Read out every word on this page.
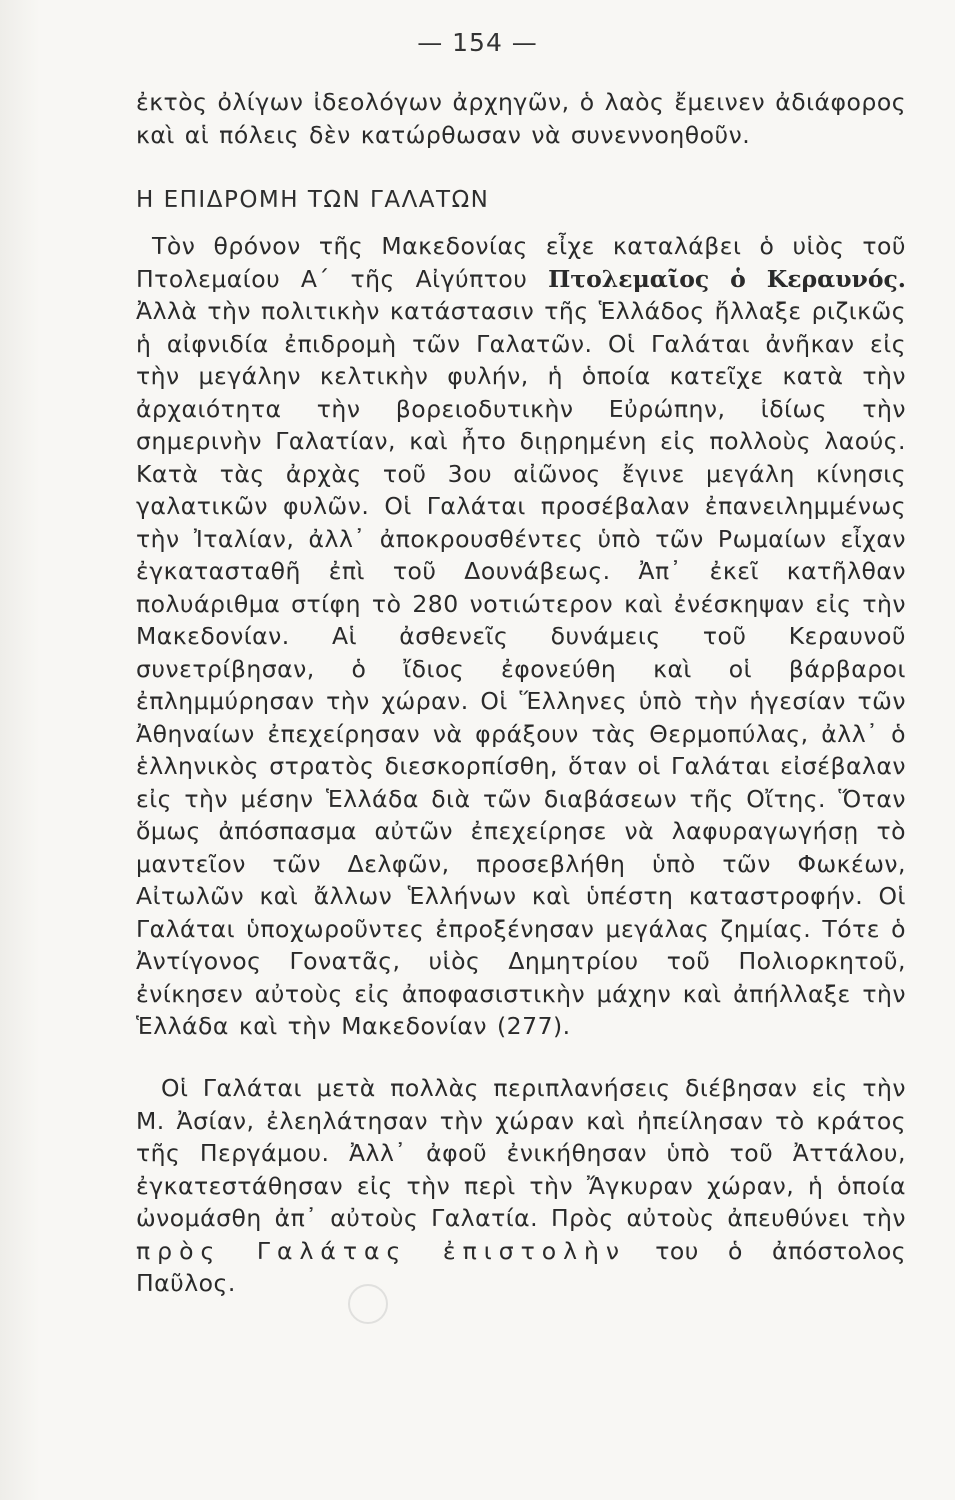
— 154 —

ἐκτὸς ὀλίγων ἰδεολόγων ἀρχηγῶν, ὁ λαὸς ἔμεινεν ἀδιάφορος καὶ αἱ πόλεις δὲν κατώρθωσαν νὰ συνεννοηθοῦν.

Η ΕΠΙΔΡΟΜΗ ΤΩΝ ΓΑΛΑΤΩΝ

Τὸν θρόνον τῆς Μακεδονίας εἶχε καταλάβει ὁ υἱὸς τοῦ Πτολεμαίου Α΄ τῆς Αἰγύπτου Πτολεμαῖος ὁ Κεραυνός. Ἀλλὰ τὴν πολιτικὴν κατάστασιν τῆς Ἑλλάδος ἤλλαξε ριζικῶς ἡ αἰφνιδία ἐπιδρομὴ τῶν Γαλατῶν. Οἱ Γαλάται ἀνῆκαν εἰς τὴν μεγάλην κελτικὴν φυλήν, ἡ ὁποία κατεῖχε κατὰ τὴν ἀρχαιότητα τὴν βορειοδυτικὴν Εὐρώπην, ἰδίως τὴν σημερινὴν Γαλατίαν, καὶ ἦτο διῃρημένη εἰς πολλοὺς λαούς. Κατὰ τὰς ἀρχὰς τοῦ 3ου αἰῶνος ἔγινε μεγάλη κίνησις γαλατικῶν φυλῶν. Οἱ Γαλάται προσέβαλαν ἐπανειλημμένως τὴν Ἰταλίαν, ἀλλ᾽ ἀποκρουσθέντες ὑπὸ τῶν Ρωμαίων εἶχαν ἐγκατασταθῆ ἐπὶ τοῦ Δουνάβεως. Ἀπ᾽ ἐκεῖ κατῆλθαν πολυάριθμα στίφη τὸ 280 νοτιώτερον καὶ ἐνέσκηψαν εἰς τὴν Μακεδονίαν. Αἱ ἀσθενεῖς δυνάμεις τοῦ Κεραυνοῦ συνετρίβησαν, ὁ ἴδιος ἐφονεύθη καὶ οἱ βάρβαροι ἐπλημμύρησαν τὴν χώραν. Οἱ Ἕλληνες ὑπὸ τὴν ἡγεσίαν τῶν Ἀθηναίων ἐπεχείρησαν νὰ φράξουν τὰς Θερμοπύλας, ἀλλ᾽ ὁ ἑλληνικὸς στρατὸς διεσκορπίσθη, ὅταν οἱ Γαλάται εἰσέβαλαν εἰς τὴν μέσην Ἑλλάδα διὰ τῶν διαβάσεων τῆς Οἴτης. Ὅταν ὅμως ἀπόσπασμα αὐτῶν ἐπεχείρησε νὰ λαφυραγωγήσῃ τὸ μαντεῖον τῶν Δελφῶν, προσεβλήθη ὑπὸ τῶν Φωκέων, Αἰτωλῶν καὶ ἄλλων Ἑλλήνων καὶ ὑπέστη καταστροφήν. Οἱ Γαλάται ὑποχωροῦντες ἐπροξένησαν μεγάλας ζημίας. Τότε ὁ Ἀντίγονος Γονατᾶς, υἱὸς Δημητρίου τοῦ Πολιορκητοῦ, ἐνίκησεν αὐτοὺς εἰς ἀποφασιστικὴν μάχην καὶ ἀπήλλαξε τὴν Ἑλλάδα καὶ τὴν Μακεδονίαν (277).

Οἱ Γαλάται μετὰ πολλὰς περιπλανήσεις διέβησαν εἰς τὴν Μ. Ἀσίαν, ἐλεηλάτησαν τὴν χώραν καὶ ἠπείλησαν τὸ κράτος τῆς Περγάμου. Ἀλλ᾽ ἀφοῦ ἐνικήθησαν ὑπὸ τοῦ Ἀττάλου, ἐγκατεστάθησαν εἰς τὴν περὶ τὴν Ἄγκυραν χώραν, ἡ ὁποία ὠνομάσθη ἀπ᾽ αὐτοὺς Γαλατία. Πρὸς αὐτοὺς ἀπευθύνει τὴν πρὸς Γαλάτας ἐπιστολὴν του ὁ ἀπόστολος Παῦλος.
